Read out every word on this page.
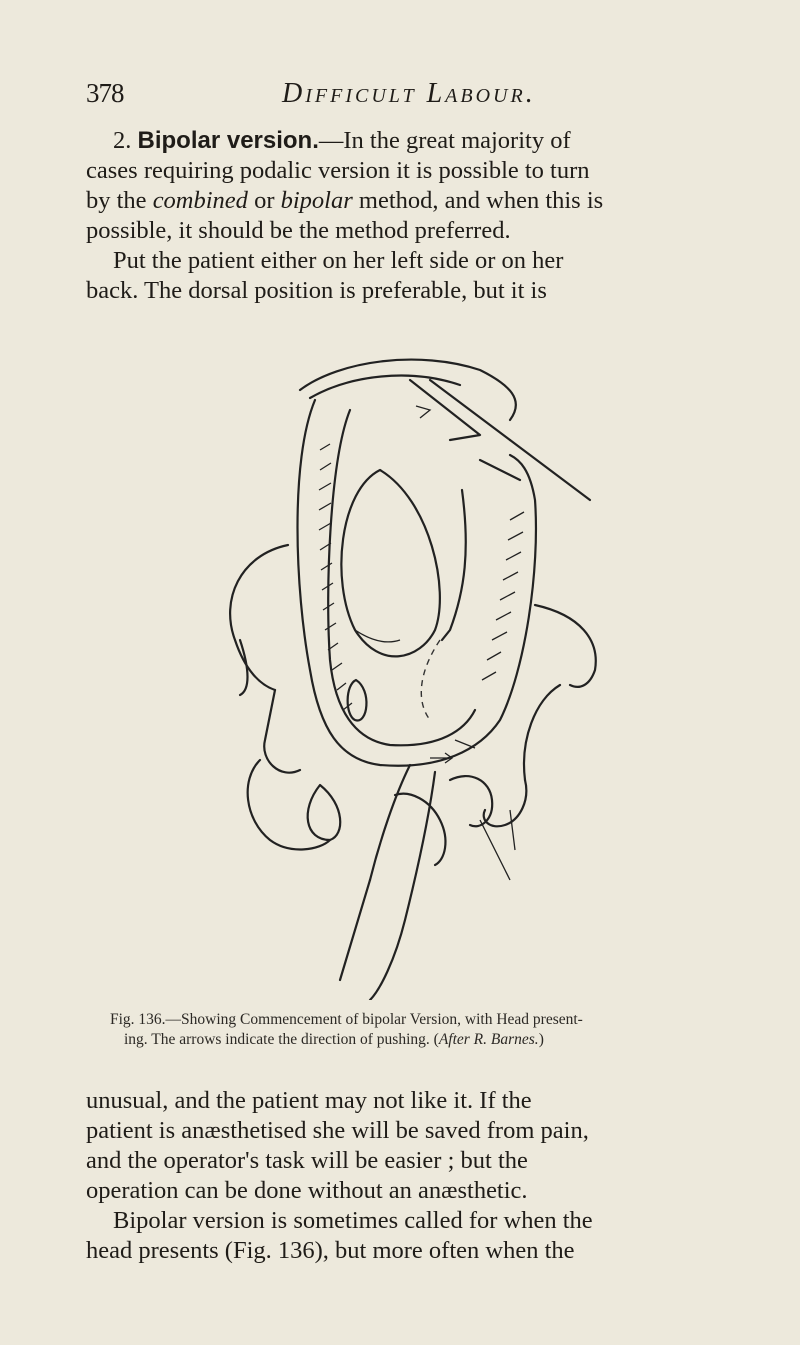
378	Difficult Labour.

2. Bipolar version.—In the great majority of
cases requiring podalic version it is possible to turn
by the combined or bipolar method, and when this is
possible, it should be the method preferred.
Put the patient either on her left side or on her
back. The dorsal position is preferable, but it is

Fig. 136.—Showing Commencement of bipolar Version, with Head present-
ing. The arrows indicate the direction of pushing. (After R. Barnes.)

unusual, and the patient may not like it. If the
patient is anæsthetised she will be saved from pain,
and the operator's task will be easier ; but the
operation can be done without an anæsthetic.
Bipolar version is sometimes called for when the
head presents (Fig. 136), but more often when the
